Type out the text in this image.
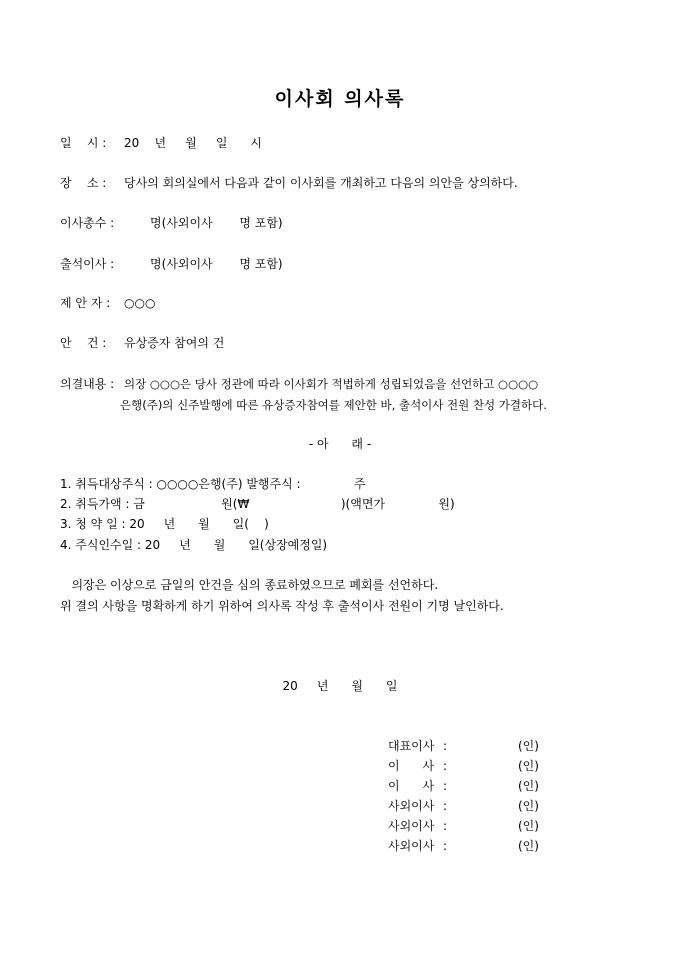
이사회 의사록
일    시 : 20    년     월     일      시
장    소 : 당사의 회의실에서 다음과 같이 이사회를 개최하고 다음의 의안을 상의하다.
이사총수 :	명(사외이사       명 포함)
출석이사 :	명(사외이사       명 포함)
제 안 자 : ○○○
안    건 : 유상증자 참여의 건
의결내용 : 의장 ○○○은 당사 정관에 따라 이사회가 적법하게 성립되었음을 선언하고 ○○○○
은행(주)의 신주발행에 따른 유상증자참여를 제안한 바, 출석이사 전원 찬성 가결하다.
- 아      래 -
1. 취득대상주식 : ○○○○은행(주) 발행주식 :              주
2. 취득가액 : 금                    원(₩                        )(액면가              원)
3. 청 약 일 : 20     년      월      일(    )
4. 주식인수일 : 20     년      월      일(상장예정일)
의장은 이상으로 금일의 안건을 심의 종료하였으므로 폐회를 선언하다.
위 결의 사항을 명확하게 하기 위하여 의사록 작성 후 출석이사 전원이 기명 날인하다.
20     년      월      일
대표이사 :	(인)
이      사 :	(인)
이      사 :	(인)
사외이사 :	(인)
사외이사 :	(인)
사외이사 :	(인)
